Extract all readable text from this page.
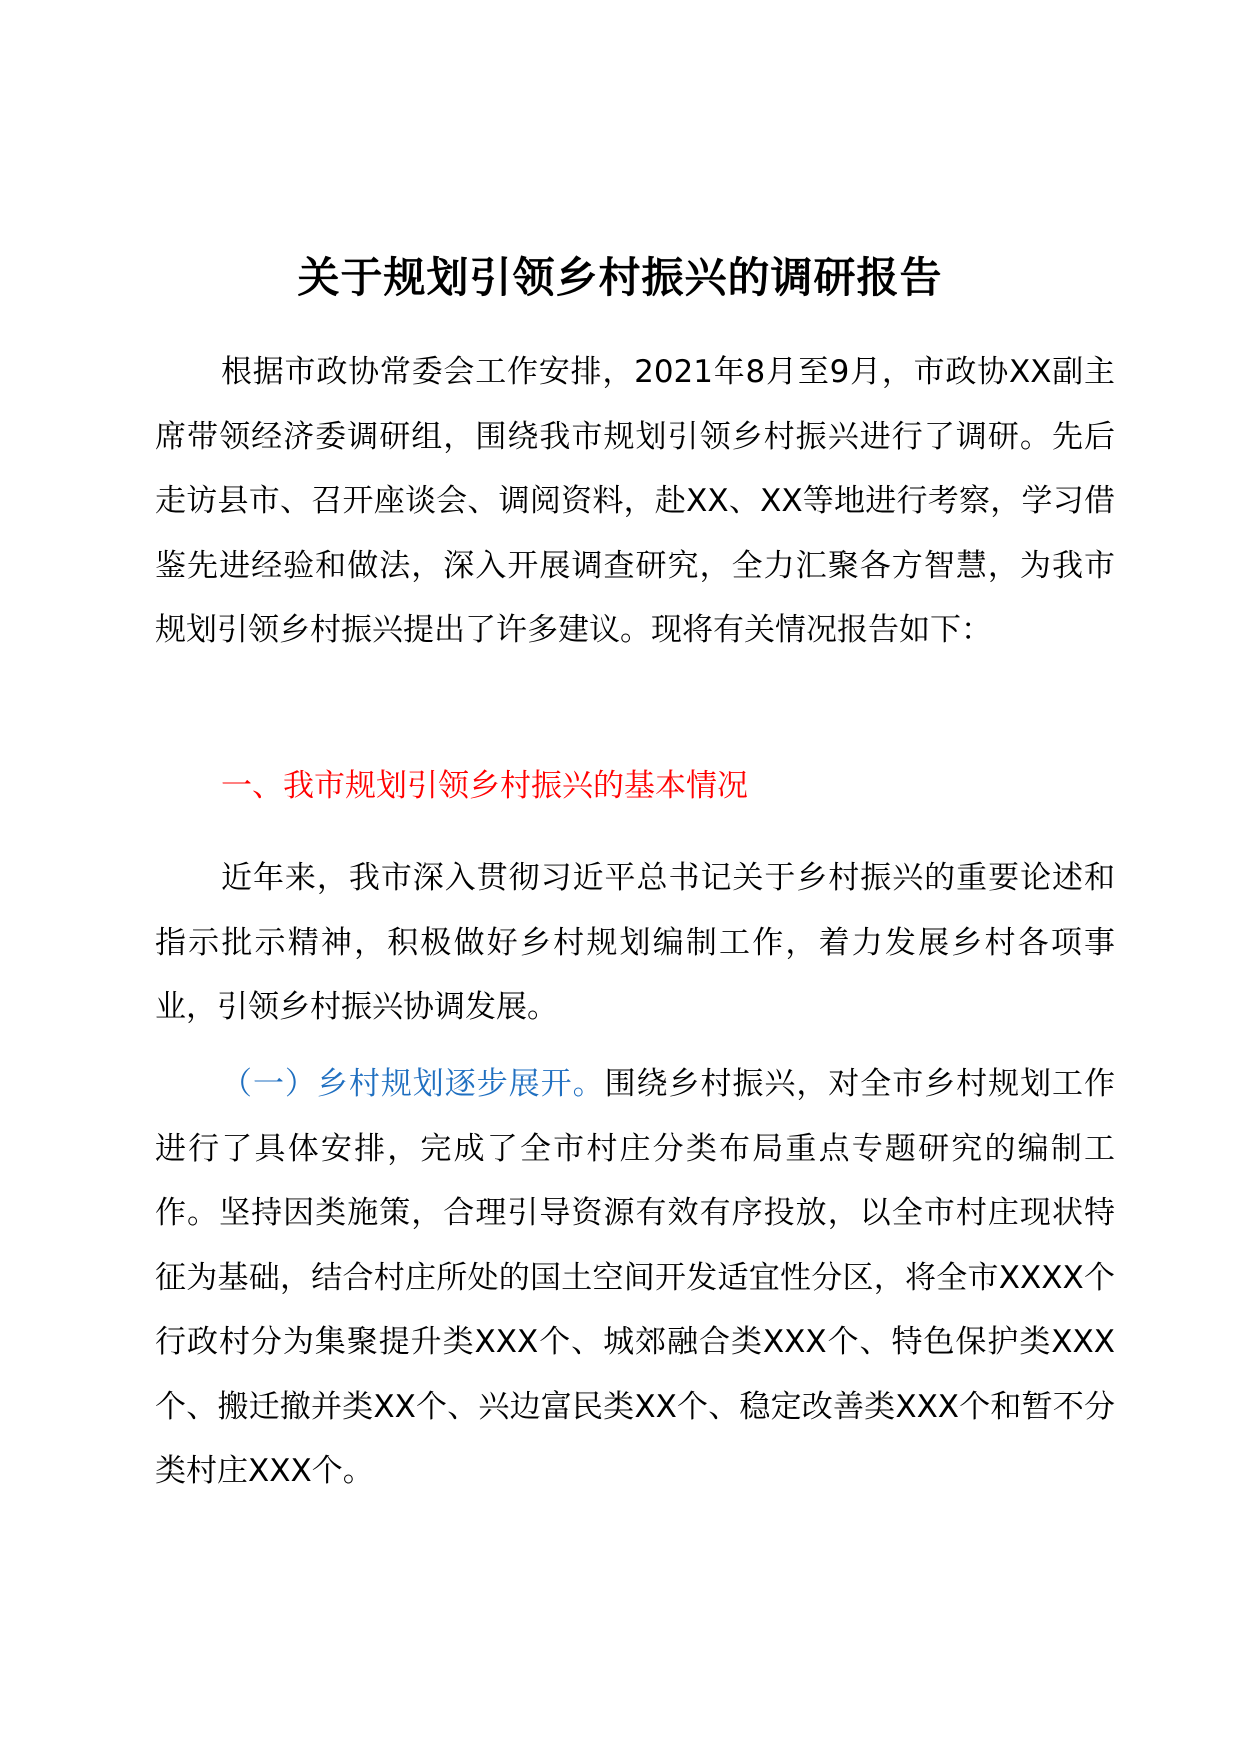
关于规划引领乡村振兴的调研报告

根据市政协常委会工作安排，2021年8月至9月，市政协XX副主席带领经济委调研组，围绕我市规划引领乡村振兴进行了调研。先后走访县市、召开座谈会、调阅资料，赴XX、XX等地进行考察，学习借鉴先进经验和做法，深入开展调查研究，全力汇聚各方智慧，为我市规划引领乡村振兴提出了许多建议。现将有关情况报告如下：

一、我市规划引领乡村振兴的基本情况

近年来，我市深入贯彻习近平总书记关于乡村振兴的重要论述和指示批示精神，积极做好乡村规划编制工作，着力发展乡村各项事业，引领乡村振兴协调发展。

（一）乡村规划逐步展开。围绕乡村振兴，对全市乡村规划工作进行了具体安排，完成了全市村庄分类布局重点专题研究的编制工作。坚持因类施策，合理引导资源有效有序投放，以全市村庄现状特征为基础，结合村庄所处的国土空间开发适宜性分区，将全市XXXX个行政村分为集聚提升类XXX个、城郊融合类XXX个、特色保护类XXX个、搬迁撤并类XX个、兴边富民类XX个、稳定改善类XXX个和暂不分类村庄XXX个。
